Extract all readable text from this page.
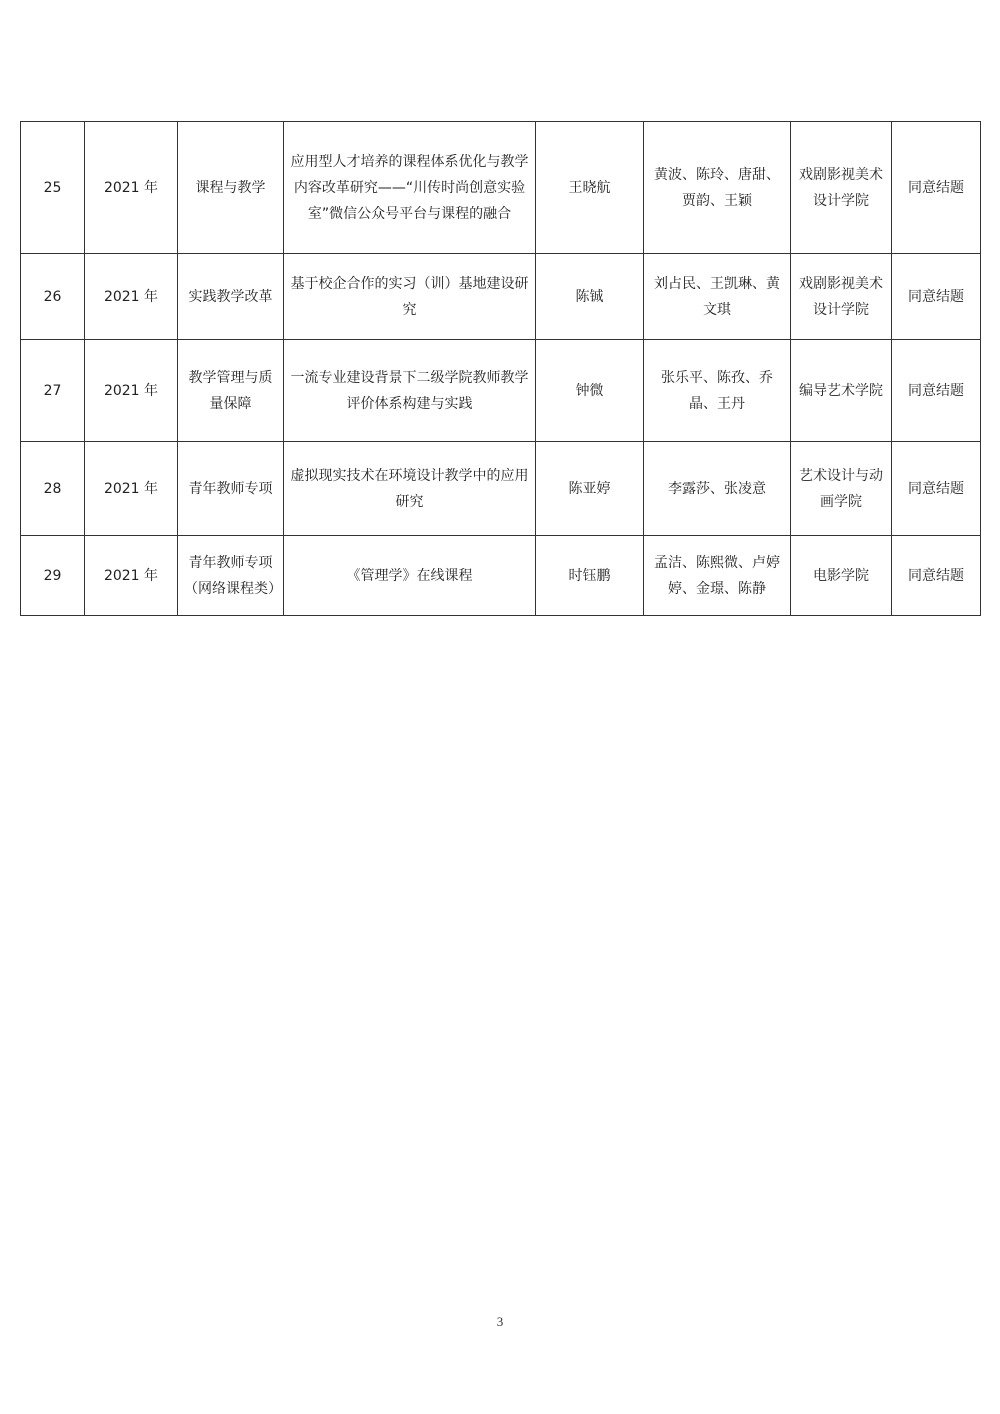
25	2021 年	课程与教学	应用型人才培养的课程体系优化与教学内容改革研究——“川传时尚创意实验室”微信公众号平台与课程的融合	王晓航	黄波、陈玲、唐甜、贾韵、王颖	戏剧影视美术设计学院	同意结题
26	2021 年	实践教学改革	基于校企合作的实习（训）基地建设研究	陈铖	刘占民、王凯琳、黄文琪	戏剧影视美术设计学院	同意结题
27	2021 年	教学管理与质量保障	一流专业建设背景下二级学院教师教学评价体系构建与实践	钟微	张乐平、陈孜、乔晶、王丹	编导艺术学院	同意结题
28	2021 年	青年教师专项	虚拟现实技术在环境设计教学中的应用研究	陈亚婷	李露莎、张凌意	艺术设计与动画学院	同意结题
29	2021 年	青年教师专项（网络课程类）	《管理学》在线课程	时钰鹏	孟洁、陈熙微、卢婷婷、金璟、陈静	电影学院	同意结题
3
